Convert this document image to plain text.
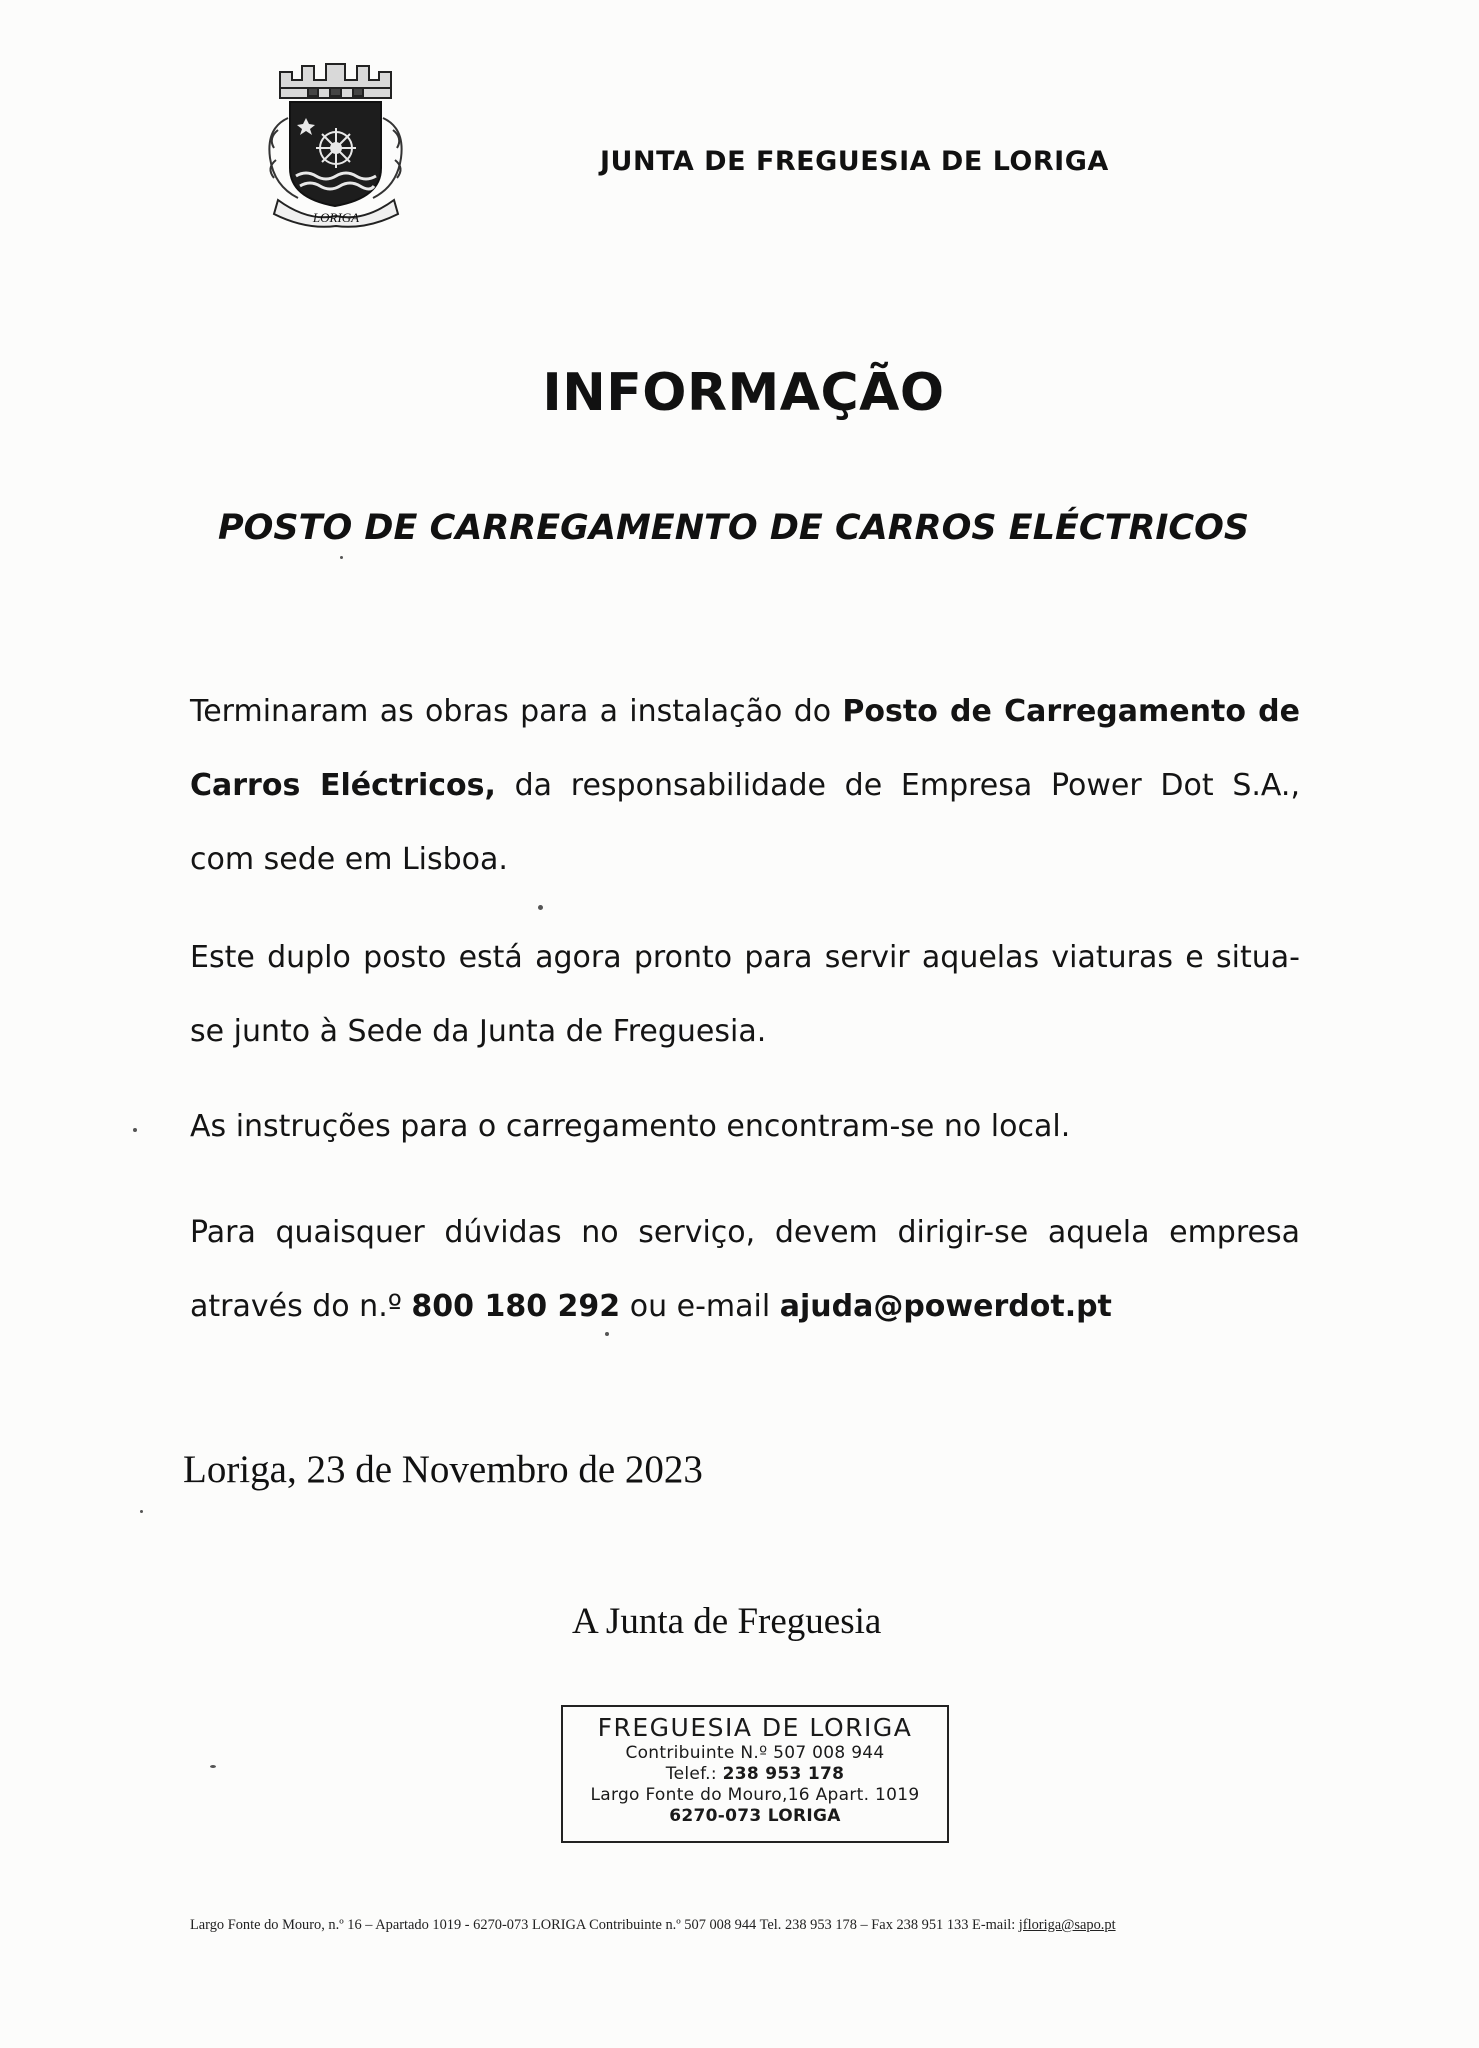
LORIGA
JUNTA DE FREGUESIA DE LORIGA
INFORMAÇÃO
POSTO DE CARREGAMENTO DE CARROS ELÉCTRICOS
Terminaram as obras para a instalação do Posto de Carregamento de Carros Eléctricos, da responsabilidade de Empresa Power Dot S.A., com sede em Lisboa.
Este duplo posto está agora pronto para servir aquelas viaturas e situa-se junto à Sede da Junta de Freguesia.
As instruções para o carregamento encontram-se no local.
Para quaisquer dúvidas no serviço, devem dirigir-se aquela empresa através do n.º 800 180 292 ou e-mail ajuda@powerdot.pt
Loriga, 23 de Novembro de 2023
A Junta de Freguesia
FREGUESIA DE LORIGA
Contribuinte N.º 507 008 944
Telef.: 238 953 178
Largo Fonte do Mouro,16 Apart. 1019
6270-073 LORIGA
Largo Fonte do Mouro, n.º 16 – Apartado 1019 - 6270-073 LORIGA Contribuinte n.º 507 008 944 Tel. 238 953 178 – Fax 238 951 133 E-mail: jfloriga@sapo.pt
